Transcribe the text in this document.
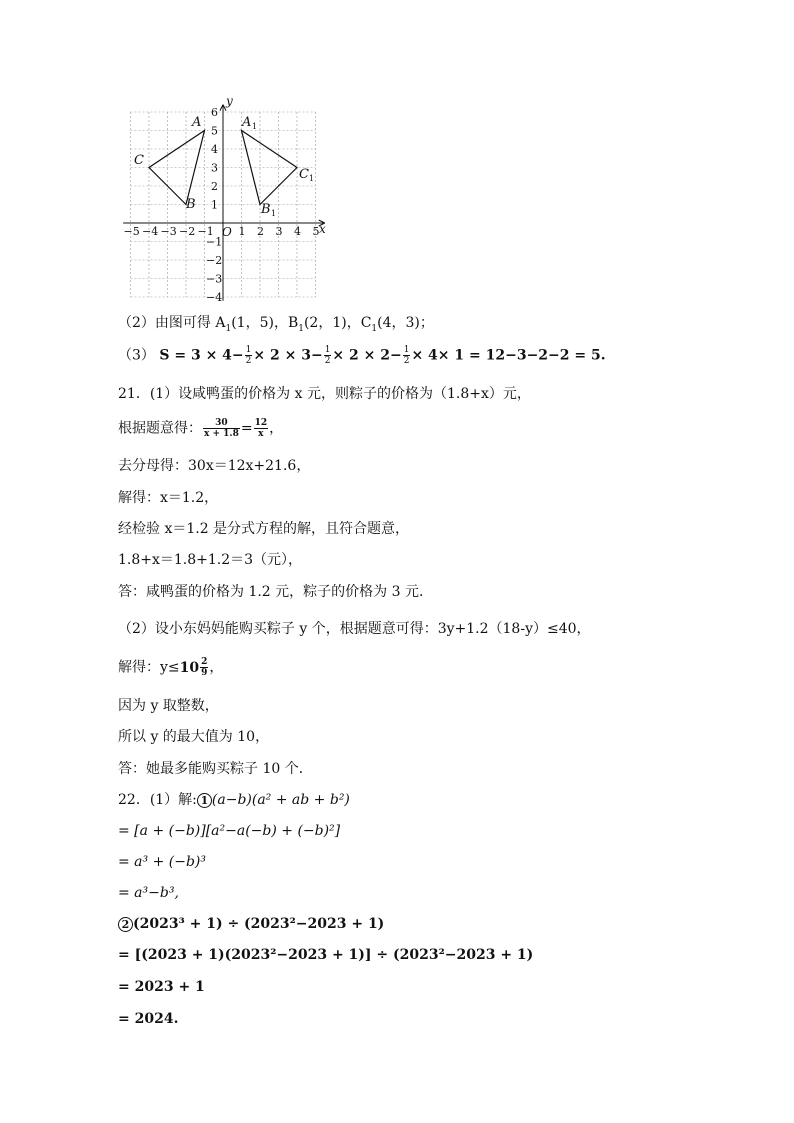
−5 −4 −3 −2 −1 1 2 3 4 5
1
2
3
4
5
6
−1
−2
−3
−4
A
B
C
A
B
C
1
1
1
x
y
O
（2）由图可得 $A_1(1$，5)，$B_1(2$，1)，$C_1(4$，3)；
（3） $S = 3 \times 4- \frac{1}{2} \times 2 \times 3- \frac{1}{2} \times 2 \times 2- \frac{1}{2} \times 4\times 1 = 12-3-2-2 = 5$.
21．(1）设咸鸭蛋的价格为 x 元，则粽子的价格为（1.8+x）元，
根据题意得： $\frac{30}{x + 1.8} = \frac{12}{x}$ ，
去分母得：30x＝12x+21.6，
解得：x＝1.2，
经检验 x＝1.2 是分式方程的解，且符合题意，
1.8+x＝1.8+1.2＝3（元），
答：咸鸭蛋的价格为 1.2 元，粽子的价格为 3 元．
（2）设小东妈妈能购买粽子 y 个，根据题意可得：3y+1.2（18-y）≤40，
解得：$y\le 10 \frac{2}{9}$ ，
因为 y 取整数，
所以 y 的最大值为 10，
答：她最多能购买粽子 10 个．
22．(1）解: 1 (a−b)(a² + ab + b²)
= [a + (−b)][a²−a(−b) + (−b)²]
= a³ + (−b)³
= a³−b³,
2 (2023³ + 1) ÷ (2023²−2023 + 1)
= [(2023 + 1)(2023²−2023 + 1)] ÷ (2023²−2023 + 1)
= 2023 + 1
= 2024.
